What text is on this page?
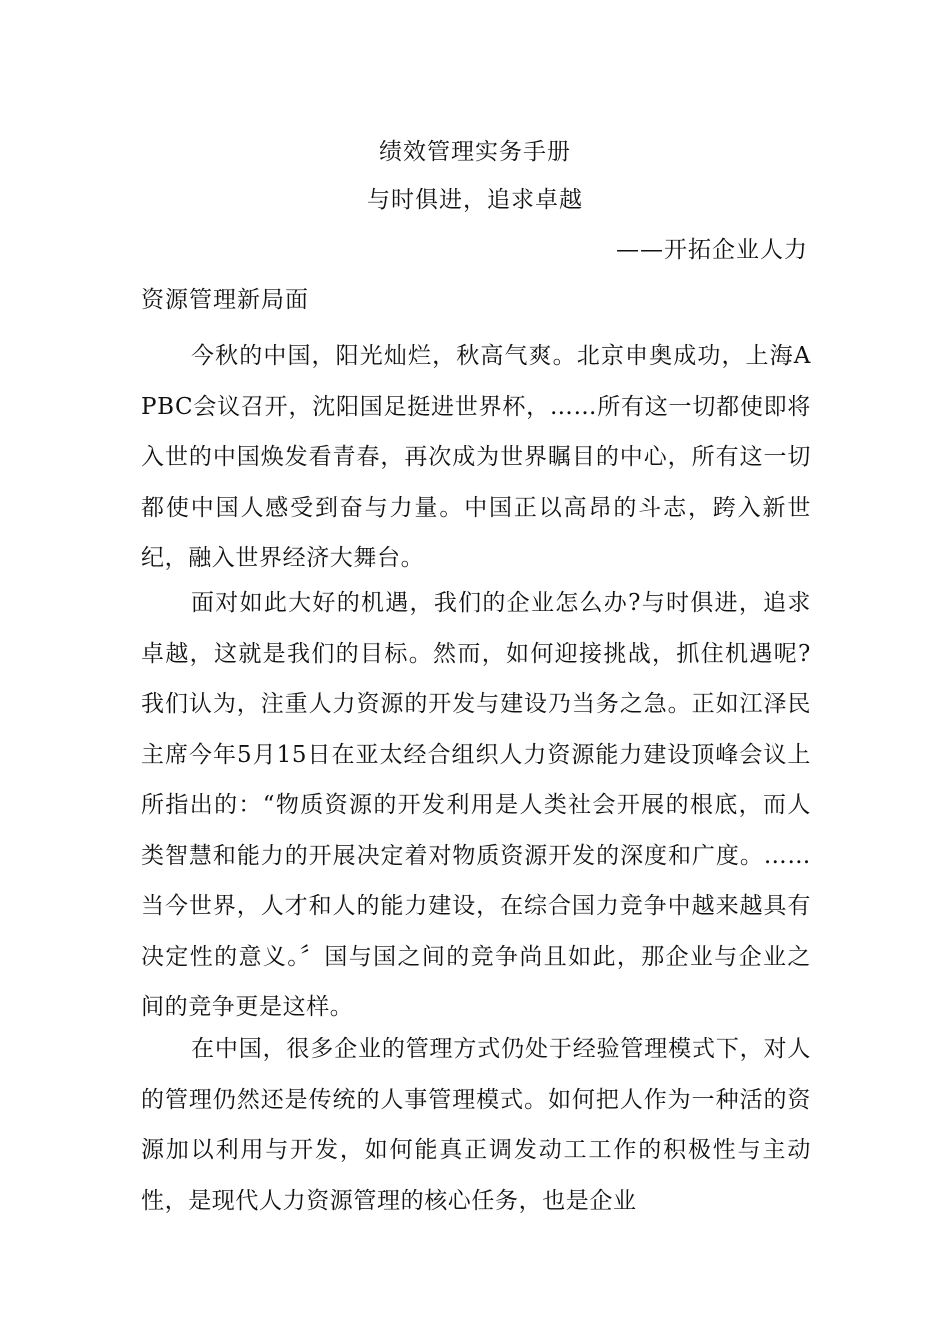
绩效管理实务手册
与时俱进，追求卓越
——开拓企业人力
资源管理新局面

今秋的中国，阳光灿烂，秋高气爽。北京申奥成功，上海APBC会议召开，沈阳国足挺进世界杯，……所有这一切都使即将入世的中国焕发看青春，再次成为世界瞩目的中心，所有这一切都使中国人感受到奋与力量。中国正以高昂的斗志，跨入新世纪，融入世界经济大舞台。

面对如此大好的机遇，我们的企业怎么办?与时俱进，追求卓越，这就是我们的目标。然而，如何迎接挑战，抓住机遇呢?我们认为，注重人力资源的开发与建设乃当务之急。正如江泽民主席今年5月15日在亚太经合组织人力资源能力建设顶峰会议上所指出的：“物质资源的开发利用是人类社会开展的根底，而人类智慧和能力的开展决定着对物质资源开发的深度和广度。……当今世界，人才和人的能力建设，在综合国力竞争中越来越具有决定性的意义。〞国与国之间的竞争尚且如此，那企业与企业之间的竞争更是这样。

在中国，很多企业的管理方式仍处于经验管理模式下，对人的管理仍然还是传统的人事管理模式。如何把人作为一种活的资源加以利用与开发，如何能真正调发动工工作的积极性与主动性，是现代人力资源管理的核心任务，也是企业
